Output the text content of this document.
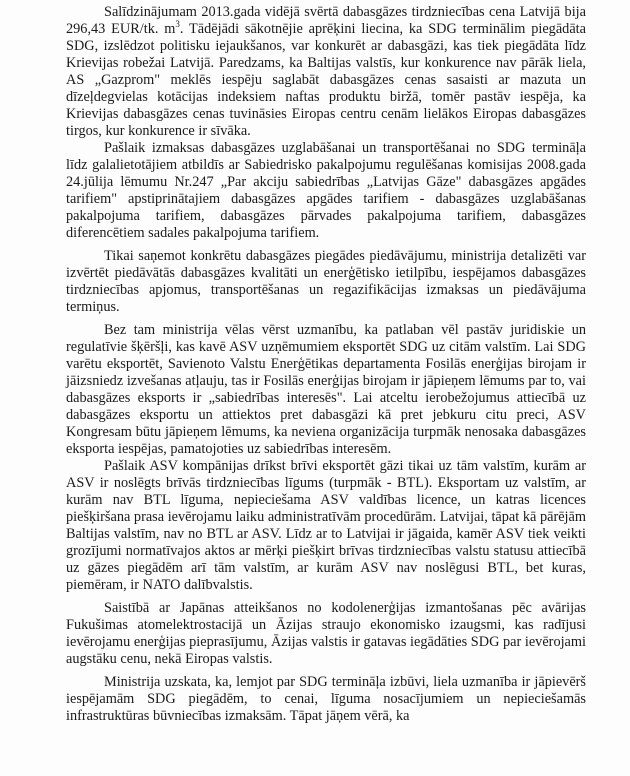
Salīdzinājumam 2013.gada vidējā svērtā dabasgāzes tirdzniecības cena Latvijā bija 296,43 EUR/tk. $m^3$. Tādējādi sākotnējie aprēķini liecina, ka SDG terminālim piegādāta SDG, izslēdzot politisku iejaukšanos, var konkurēt ar dabasgāzi, kas tiek piegādāta līdz Krievijas robežai Latvijā. Paredzams, ka Baltijas valstīs, kur konkurence nav pārāk liela, AS „Gazprom" meklēs iespēju saglabāt dabasgāzes cenas sasaisti ar mazuta un dīzeļdegvielas kotācijas indeksiem naftas produktu biržā, tomēr pastāv iespēja, ka Krievijas dabasgāzes cenas tuvināsies Eiropas centru cenām lielākos Eiropas dabasgāzes tirgos, kur konkurence ir sīvāka.

Pašlaik izmaksas dabasgāzes uzglabāšanai un transportēšanai no SDG termināļa līdz galalietotājiem atbildīs ar Sabiedrisko pakalpojumu regulēšanas komisijas 2008.gada 24.jūlija lēmumu Nr.247 „Par akciju sabiedrības „Latvijas Gāze" dabasgāzes apgādes tarifiem" apstiprinātajiem dabasgāzes apgādes tarifiem - dabasgāzes uzglabāšanas pakalpojuma tarifiem, dabasgāzes pārvades pakalpojuma tarifiem, dabasgāzes diferencētiem sadales pakalpojuma tarifiem.

Tikai saņemot konkrētu dabasgāzes piegādes piedāvājumu, ministrija detalizēti var izvērtēt piedāvātās dabasgāzes kvalitāti un enerģētisko ietilpību, iespējamos dabasgāzes tirdzniecības apjomus, transportēšanas un regazifikācijas izmaksas un piedāvājuma termiņus.

Bez tam ministrija vēlas vērst uzmanību, ka patlaban vēl pastāv juridiskie un regulatīvie šķēršļi, kas kavē ASV uzņēmumiem eksportēt SDG uz citām valstīm. Lai SDG varētu eksportēt, Savienoto Valstu Enerģētikas departamenta Fosilās enerģijas birojam ir jāizsniedz izvešanas atļauju, tas ir Fosilās enerģijas birojam ir jāpieņem lēmums par to, vai dabasgāzes eksports ir „sabiedrības interesēs". Lai atceltu ierobežojumus attiecībā uz dabasgāzes eksportu un attiektos pret dabasgāzi kā pret jebkuru citu preci, ASV Kongresam būtu jāpieņem lēmums, ka neviena organizācija turpmāk nenosaka dabasgāzes eksporta iespējas, pamatojoties uz sabiedrības interesēm.

Pašlaik ASV kompānijas drīkst brīvi eksportēt gāzi tikai uz tām valstīm, kurām ar ASV ir noslēgts brīvās tirdzniecības līgums (turpmāk - BTL). Eksportam uz valstīm, ar kurām nav BTL līguma, nepieciešama ASV valdības licence, un katras licences piešķiršana prasa ievērojamu laiku administratīvām procedūrām. Latvijai, tāpat kā pārējām Baltijas valstīm, nav no BTL ar ASV. Līdz ar to Latvijai ir jāgaida, kamēr ASV tiek veikti grozījumi normatīvajos aktos ar mērķi piešķirt brīvas tirdzniecības valstu statusu attiecībā uz gāzes piegādēm arī tām valstīm, ar kurām ASV nav noslēgusi BTL, bet kuras, piemēram, ir NATO dalībvalstis.

Saistībā ar Japānas atteikšanos no kodolenerģijas izmantošanas pēc avārijas Fukušimas atomelektrostacijā un Āzijas straujo ekonomisko izaugsmi, kas radījusi ievērojamu enerģijas pieprasījumu, Āzijas valstis ir gatavas iegādāties SDG par ievērojami augstāku cenu, nekā Eiropas valstis.

Ministrija uzskata, ka, lemjot par SDG termināļa izbūvi, liela uzmanība ir jāpievērš iespējamām SDG piegādēm, to cenai, līguma nosacījumiem un nepieciešamās infrastruktūras būvniecības izmaksām. Tāpat jāņem vērā, ka
